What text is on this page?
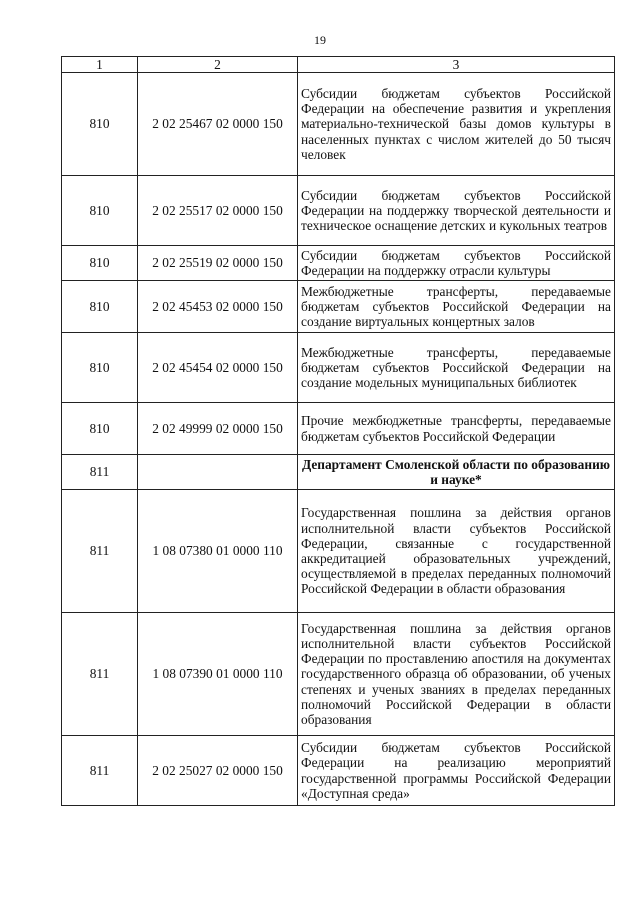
19
1	2	3
810	2 02 25467 02 0000 150	Субсидии бюджетам субъектов Российской Федерации на обеспечение развития и укрепления материально-технической базы домов культуры в населенных пунктах с числом жителей до 50 тысяч человек
810	2 02 25517 02 0000 150	Субсидии бюджетам субъектов Российской Федерации на поддержку творческой деятельности и техническое оснащение детских и кукольных театров
810	2 02 25519 02 0000 150	Субсидии бюджетам субъектов Российской Федерации на поддержку отрасли культуры
810	2 02 45453 02 0000 150	Межбюджетные трансферты, передаваемые бюджетам субъектов Российской Федерации на создание виртуальных концертных залов
810	2 02 45454 02 0000 150	Межбюджетные трансферты, передаваемые бюджетам субъектов Российской Федерации на создание модельных муниципальных библиотек
810	2 02 49999 02 0000 150	Прочие межбюджетные трансферты, передаваемые бюджетам субъектов Российской Федерации
811		Департамент Смоленской области по образованию и науке*
811	1 08 07380 01 0000 110	Государственная пошлина за действия органов исполнительной власти субъектов Российской Федерации, связанные с государственной аккредитацией образовательных учреждений, осуществляемой в пределах переданных полномочий Российской Федерации в области образования
811	1 08 07390 01 0000 110	Государственная пошлина за действия органов исполнительной власти субъектов Российской Федерации по проставлению апостиля на документах государственного образца об образовании, об ученых степенях и ученых званиях в пределах переданных полномочий Российской Федерации в области образования
811	2 02 25027 02 0000 150	Субсидии бюджетам субъектов Российской Федерации на реализацию мероприятий государственной программы Российской Федерации «Доступная среда»
